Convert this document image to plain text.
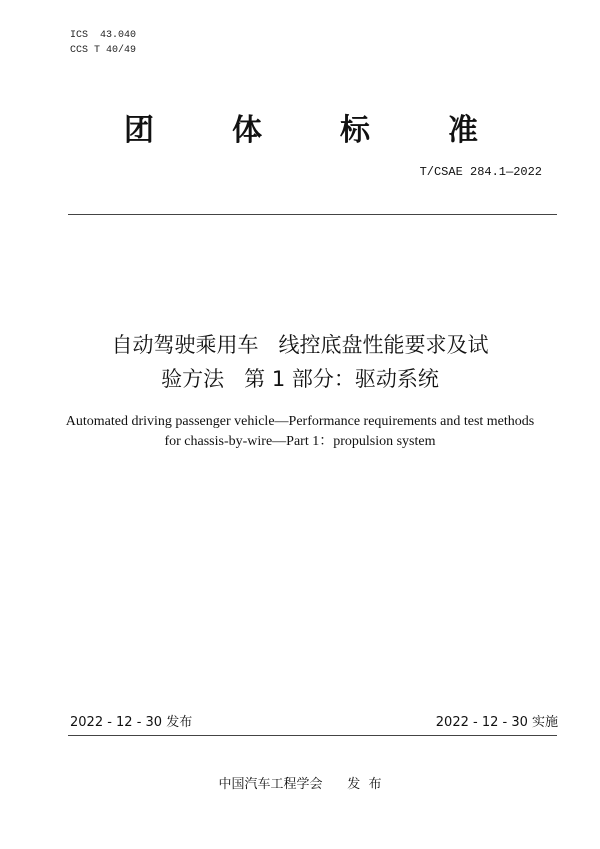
ICS  43.040
CCS T 40/49
团	体	标	准
T/CSAE 284.1—2022
自动驾驶乘用车   线控底盘性能要求及试
验方法   第 1 部分：驱动系统
Automated driving passenger vehicle—Performance requirements and test methods
for chassis-by-wire—Part 1：propulsion system
2022 - 12 - 30 发布	2022 - 12 - 30 实施
中国汽车工程学会      发  布
